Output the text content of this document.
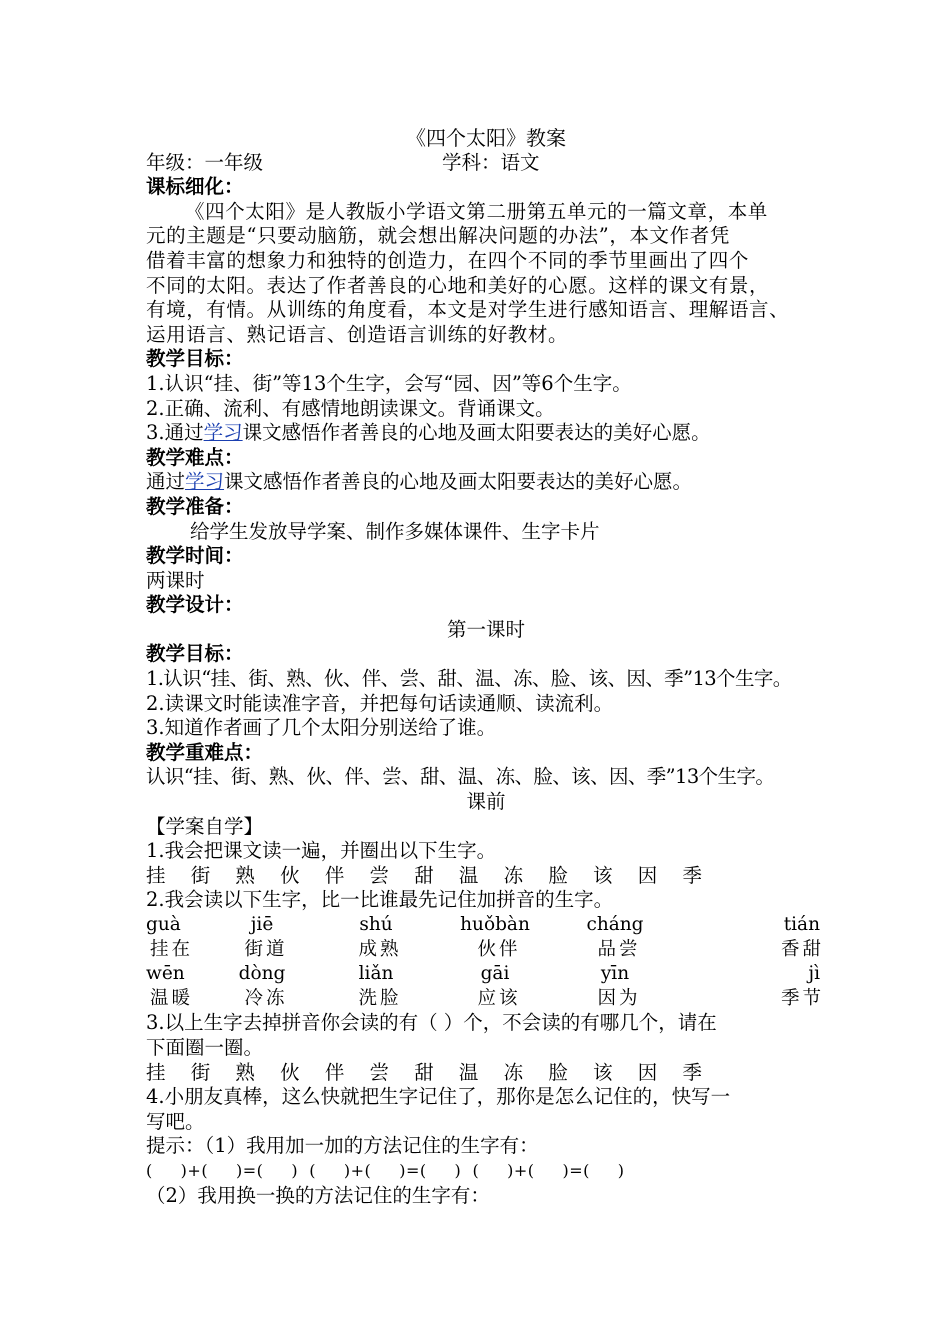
《四个太阳》教案
年级：一年级	学科：语文
课标细化：
《四个太阳》是人教版小学语文第二册第五单元的一篇文章，本单
元的主题是“只要动脑筋，就会想出解决问题的办法”，本文作者凭
借着丰富的想象力和独特的创造力，在四个不同的季节里画出了四个
不同的太阳。表达了作者善良的心地和美好的心愿。这样的课文有景，
有境，有情。从训练的角度看，本文是对学生进行感知语言、理解语言、
运用语言、熟记语言、创造语言训练的好教材。
教学目标：
1.认识“挂、街”等13个生字，会写“园、因”等6个生字。
2.正确、流利、有感情地朗读课文。背诵课文。
3.通过学习课文感悟作者善良的心地及画太阳要表达的美好心愿。
教学难点：
通过学习课文感悟作者善良的心地及画太阳要表达的美好心愿。
教学准备：
给学生发放导学案、制作多媒体课件、生字卡片
教学时间：
两课时
教学设计：
第一课时
教学目标：
1.认识“挂、街、熟、伙、伴、尝、甜、温、冻、脸、该、因、季”13个生字。
2.读课文时能读准字音，并把每句话读通顺、读流利。
3.知道作者画了几个太阳分别送给了谁。
教学重难点：
认识“挂、街、熟、伙、伴、尝、甜、温、冻、脸、该、因、季”13个生字。
课前
【学案自学】
1.我会把课文读一遍，并圈出以下生字。
挂 街 熟 伙 伴 尝 甜 温 冻 脸 该 因 季
2.我会读以下生字，比一比谁最先记住加拼音的生字。
guà	jiē	shú	huǒbàn	cháng	tián
挂在	街道	成熟	伙伴	品尝	香甜
wēn	dòng	liǎn	gāi	yīn	jì
温暖	冷冻	洗脸	应该	因为	季节
3.以上生字去掉拼音你会读的有（ ）个，不会读的有哪几个，请在
下面圈一圈。
挂 街 熟 伙 伴 尝 甜 温 冻 脸 该 因 季
4.小朋友真棒，这么快就把生字记住了，那你是怎么记住的，快写一
写吧。
提示：（1）我用加一加的方法记住的生字有：
(     )+(     )=(     )  (     )+(     )=(     )  (     )+(     )=(     )
（2）我用换一换的方法记住的生字有：
